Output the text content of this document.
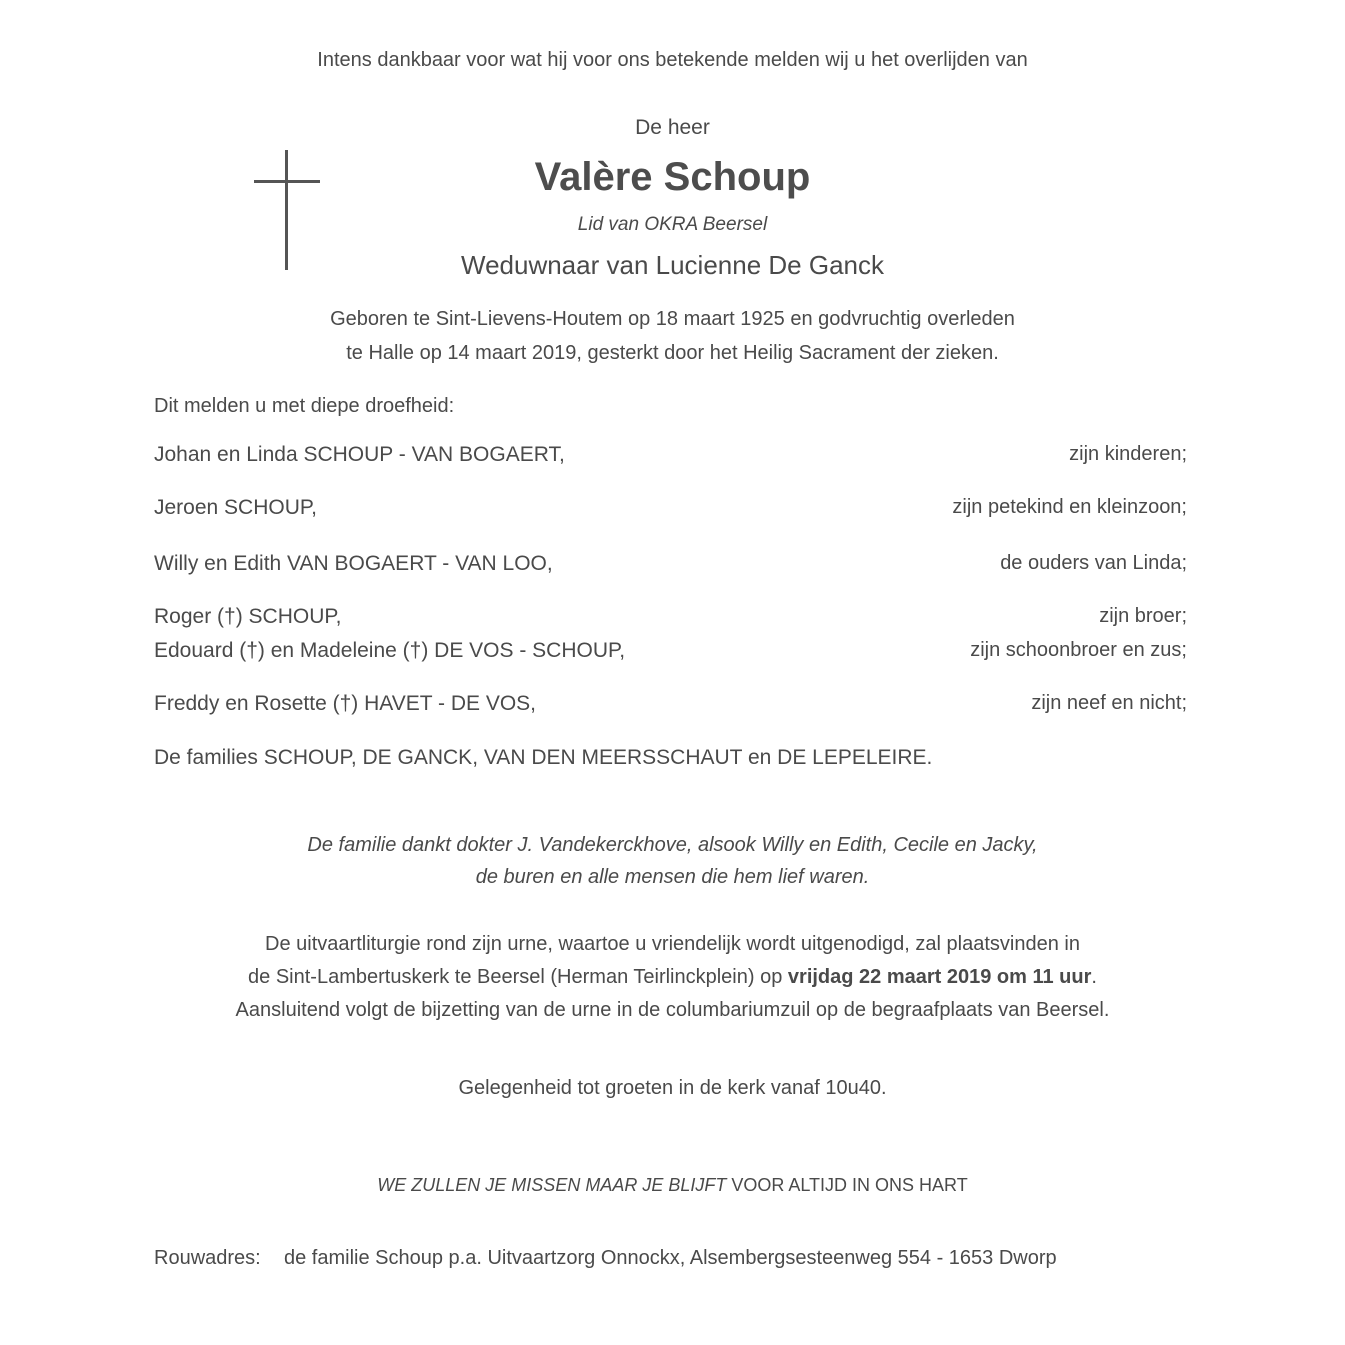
Intens dankbaar voor wat hij voor ons betekende melden wij u het overlijden van
De heer
Valère Schoup
Lid van OKRA Beersel
Weduwnaar van Lucienne De Ganck
Geboren te Sint-Lievens-Houtem op 18 maart 1925 en godvruchtig overleden
te Halle op 14 maart 2019, gesterkt door het Heilig Sacrament der zieken.
Dit melden u met diepe droefheid:
Johan en Linda SCHOUP - VAN BOGAERT,	zijn kinderen;
Jeroen SCHOUP,	zijn petekind en kleinzoon;
Willy en Edith VAN BOGAERT - VAN LOO,	de ouders van Linda;
Roger (†) SCHOUP,	zijn broer;
Edouard (†) en Madeleine (†) DE VOS - SCHOUP,	zijn schoonbroer en zus;
Freddy en Rosette (†) HAVET - DE VOS,	zijn neef en nicht;
De families SCHOUP, DE GANCK, VAN DEN MEERSSCHAUT en DE LEPELEIRE.
De familie dankt dokter J. Vandekerckhove, alsook Willy en Edith, Cecile en Jacky,
de buren en alle mensen die hem lief waren.
De uitvaartliturgie rond zijn urne, waartoe u vriendelijk wordt uitgenodigd, zal plaatsvinden in
de Sint-Lambertuskerk te Beersel (Herman Teirlinckplein) op vrijdag 22 maart 2019 om 11 uur.
Aansluitend volgt de bijzetting van de urne in de columbariumzuil op de begraafplaats van Beersel.
Gelegenheid tot groeten in de kerk vanaf 10u40.
WE ZULLEN JE MISSEN MAAR JE BLIJFT VOOR ALTIJD IN ONS HART
Rouwadres: de familie Schoup p.a. Uitvaartzorg Onnockx, Alsembergsesteenweg 554 - 1653 Dworp
